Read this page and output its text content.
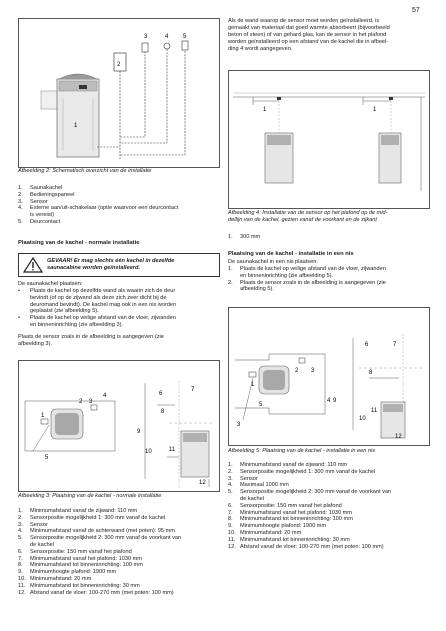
57
3	4 5
2
1
Afbeelding 2: Schematisch overzicht van de installatie
1.	Saunakachel
2.	Bedieningspaneel
3.	Sensor
4.	Externe aan/uit-schakelaar (optie waarvoor een deurcontact
is vereist)
5.	Deurcontact
Plaatsing van de kachel - normale installatie
GEVAAR! Er mag slechts één kachel in dezelfde
saunacabine worden geïnstalleerd.
De saunakachel plaatsen:
•	Plaats de kachel op dezelfde wand als waarin zich de deur
bevindt (of op de zijwand als deze zich zeer dicht bij de
deuromand bevindt). De kachel mag ook in een nis worden
geplaatst (zie afbeelding 5).
•	Plaats de kachel op veilige afstand van de vloer, zijwanden
en binneninrichting (zie afbeelding 3).
Plaats de sensor zoals in de afbeelding is aangegeven (zie
afbeelding 3).
1
2 3
4
5
6
7
8
9
10	11
12
Afbeelding 3: Plaatsing van de kachel - normale installatie
1.	Minimumafstand vanaf de zijwand: 110 mm
2.	Sensorpositie mogelijkheid 1: 300 mm vanaf de kachel
3.	Sensor
4.	Minimumafstand vanaf de achterwand (met poten): 95 mm
5.	Sensorpositie mogelijkheid 2: 300 mm vanaf de voorkant van
de kachel
6.	Sensorpositie: 150 mm vanaf het plafond
7.	Minimumafstand vanaf het plafond: 1030 mm
8.	Minimumafstand tot binneninrichting: 100 mm
9.	Minimumhoogte plafond: 1900 mm
10. Minimumafstand: 20 mm
11. Minimumafstand tot binneninrichting: 30 mm
12. Afstand vanaf de vloer: 100-270 mm (met poten: 100 mm)
Als de wand waarop de sensor moet worden geïnstalleerd, is
gemaakt van materiaal dat goed warmte absorbeert (bijvoorbeeld
beton of steen) of van gehard glas, kan de sensor in het plafond
worden geïnstalleerd op een afstand van de kachel die in afbeel-
ding 4 wordt aangegeven.
1	1
Afbeelding 4: Installatie van de sensor op het plafond op de mid-
dellijn van de kachel, gezien vanaf de voorkant en de zijkant
1.	300 mm
Plaatsing van de kachel - installatie in een nis
De saunakachel in een nis plaatsen:
1.	Plaats de kachel op veilige afstand van de vloer, zijwanden
en binneninrichting (zie afbeelding 5).
2.	Plaats de sensor zoals in de afbeelding is aangegeven (zie
afbeelding 5).
1
2 3
3
4 9
5
6	7
8
10
11
12
Afbeelding 5: Plaatsing van de kachel - installatie in een nis
1.	Minimumafstand vanaf de zijwand: 110 mm
2.	Sensorpositie mogelijkheid 1: 300 mm vanaf de kachel
3.	Sensor
4.	Maximaal 1000 mm
5.	Sensorpositie mogelijkheid 2: 300 mm vanaf de voorkant van
de kachel
6.	Sensorpositie: 150 mm vanaf het plafond
7.	Minimumafstand vanaf het plafond: 1030 mm
8.	Minimumafstand tot binneninrichting: 100 mm
9.	Minimumhoogte plafond: 1900 mm
10. Minimumafstand: 20 mm
11. Minimumafstand tot binneninrichting: 30 mm
12. Afstand vanaf de vloer: 100-270 mm (met poten: 100 mm)
